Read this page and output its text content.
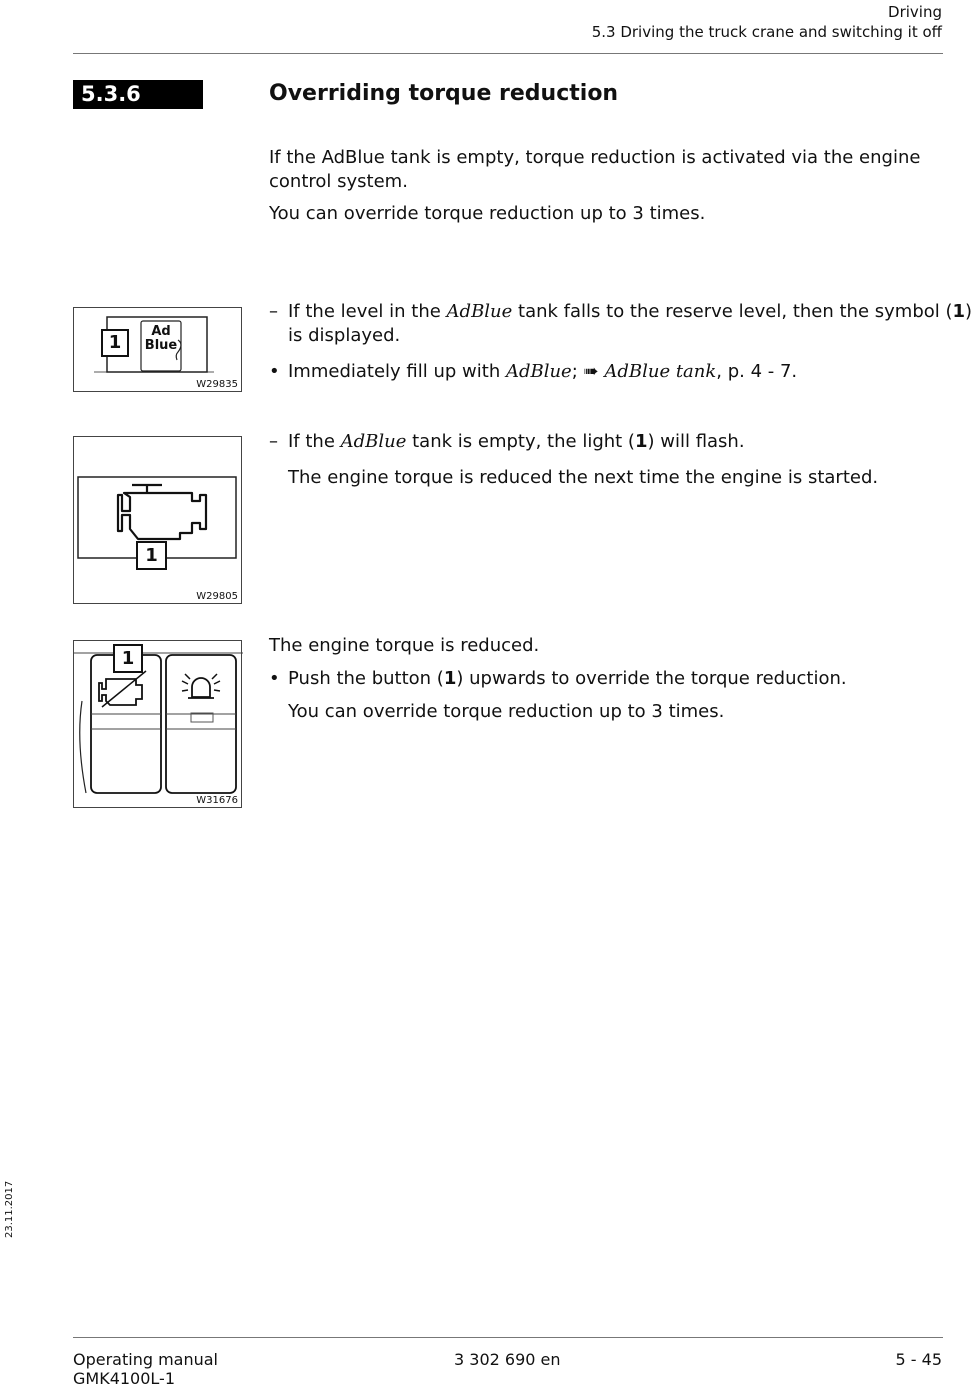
Driving
5.3 Driving the truck crane and switching it off
5.3.6	Overriding torque reduction
If the AdBlue tank is empty, torque reduction is activated via the engine
control system.
You can override torque reduction up to 3 times.
1
Ad
Blue
W29835
– If the level in the AdBlue tank falls to the reserve level, then the symbol (1)
is displayed.
• Immediately fill up with AdBlue; ➠ AdBlue tank, p. 4 - 7.
1
W29805
– If the AdBlue tank is empty, the light (1) will flash.
The engine torque is reduced the next time the engine is started.
1
W31676
The engine torque is reduced.
• Push the button (1) upwards to override the torque reduction.
You can override torque reduction up to 3 times.
23.11.2017
Operating manual
GMK4100L-1
3 302 690 en	5 - 45
